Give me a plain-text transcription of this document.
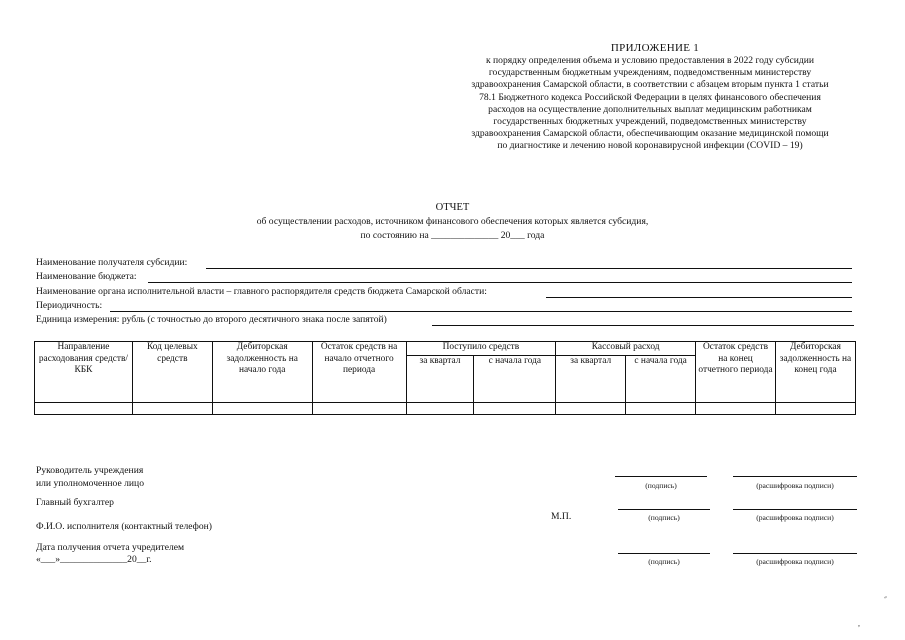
ПРИЛОЖЕНИЕ 1
к порядку определения объема и условию предоставления в 2022 году субсидии
государственным бюджетным учреждениям, подведомственным министерству
здравоохранения Самарской области, в соответствии с абзацем вторым пункта 1 статьи
78.1 Бюджетного кодекса Российской Федерации в целях финансового обеспечения
расходов на осуществление дополнительных выплат медицинским работникам
государственных бюджетных учреждений, подведомственных министерству
здравоохранения Самарской области, обеспечивающим оказание медицинской помощи
по диагностике и лечению новой коронавирусной инфекции (COVID – 19)
ОТЧЕТ
об осуществлении расходов, источником финансового обеспечения которых является субсидия,
по состоянию на ______________ 20___ года
Наименование получателя субсидии:
Наименование бюджета:
Наименование органа исполнительной власти – главного распорядителя средств бюджета Самарской области:
Периодичность:
Единица измерения: рубль (с точностью до второго десятичного знака после запятой)
Направление расходования средств/КБК	Код целевых средств	Дебиторская задолженность на начало года	Остаток средств на начало отчетного периода	Поступило средств		Кассовый расход		Остаток средств на конец отчетного периода	Дебиторская задолженность на конец года
				за квартал	с начала года	за квартал	с начала года		

Руководитель учреждения
или уполномоченное лицо	(подпись)	(расшифровка подписи)
Главный бухгалтер
М.П.	(подпись)	(расшифровка подписи)
Ф.И.О. исполнителя (контактный телефон)
Дата получения отчета учредителем
«___»______________20__г.	(подпись)	(расшифровка подписи)
״
,
